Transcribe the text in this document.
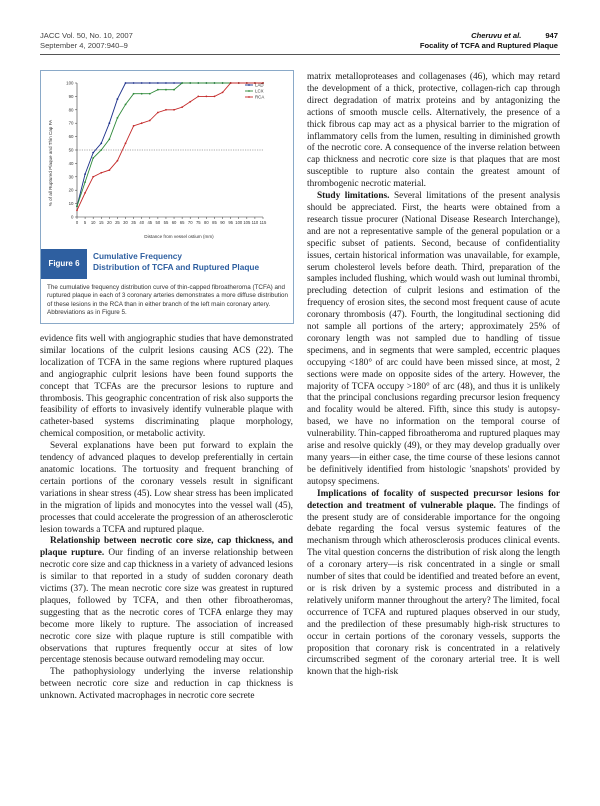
JACC Vol. 50, No. 10, 2007
September 4, 2007:940–9
Cheruvu et al.	947
Focality of TCFA and Ruptured Plaque
0
10
20
30
40
50
60
70
80
90
100
0 5 10 15 20 25 30 35 40 45 50 55 60 65 70 75 80 85 90 95 100 105 110 115
LAD
LCX
RCA
Distance from vessel ostium (mm)
% of all Ruptured Plaque and Thin Cap FA
Figure 6
Cumulative Frequency
Distribution of TCFA and Ruptured Plaque
The cumulative frequency distribution curve of thin-capped fibroatheroma (TCFA) and ruptured plaque in each of 3 coronary arteries demonstrates a more diffuse distribution of these lesions in the RCA than in either branch of the left main coronary artery. Abbreviations as in Figure 5.

evidence fits well with angiographic studies that have demonstrated similar locations of the culprit lesions causing ACS (22). The localization of TCFA in the same regions where ruptured plaques and angiographic culprit lesions have been found supports the concept that TCFAs are the precursor lesions to rupture and thrombosis. This geographic concentration of risk also supports the feasibility of efforts to invasively identify vulnerable plaque with catheter-based systems discriminating plaque morphology, chemical composition, or metabolic activity.

Several explanations have been put forward to explain the tendency of advanced plaques to develop preferentially in certain anatomic locations. The tortuosity and frequent branching of certain portions of the coronary vessels result in significant variations in shear stress (45). Low shear stress has been implicated in the migration of lipids and monocytes into the vessel wall (45), processes that could accelerate the progression of an atherosclerotic lesion towards a TCFA and ruptured plaque.

Relationship between necrotic core size, cap thickness, and plaque rupture. Our finding of an inverse relationship between necrotic core size and cap thickness in a variety of advanced lesions is similar to that reported in a study of sudden coronary death victims (37). The mean necrotic core size was greatest in ruptured plaques, followed by TCFA, and then other fibroatheromas, suggesting that as the necrotic cores of TCFA enlarge they may become more likely to rupture. The association of increased necrotic core size with plaque rupture is still compatible with observations that ruptures frequently occur at sites of low percentage stenosis because outward remodeling may occur.

The pathophysiology underlying the inverse relationship between necrotic core size and reduction in cap thickness is unknown. Activated macrophages in necrotic core secrete

matrix metalloproteases and collagenases (46), which may retard the development of a thick, protective, collagen-rich cap through direct degradation of matrix proteins and by antagonizing the actions of smooth muscle cells. Alternatively, the presence of a thick fibrous cap may act as a physical barrier to the migration of inflammatory cells from the lumen, resulting in diminished growth of the necrotic core. A consequence of the inverse relation between cap thickness and necrotic core size is that plaques that are most susceptible to rupture also contain the greatest amount of thrombogenic necrotic material.

Study limitations. Several limitations of the present analysis should be appreciated. First, the hearts were obtained from a research tissue procurer (National Disease Research Interchange), and are not a representative sample of the general population or a specific subset of patients. Second, because of confidentiality issues, certain historical information was unavailable, for example, serum cholesterol levels before death. Third, preparation of the samples included flushing, which would wash out luminal thrombi, precluding detection of culprit lesions and estimation of the frequency of erosion sites, the second most frequent cause of acute coronary thrombosis (47). Fourth, the longitudinal sectioning did not sample all portions of the artery; approximately 25% of coronary length was not sampled due to handling of tissue specimens, and in segments that were sampled, eccentric plaques occupying <180° of arc could have been missed since, at most, 2 sections were made on opposite sides of the artery. However, the majority of TCFA occupy >180° of arc (48), and thus it is unlikely that the principal conclusions regarding precursor lesion frequency and focality would be altered. Fifth, since this study is autopsy-based, we have no information on the temporal course of vulnerability. Thin-capped fibroatheroma and ruptured plaques may arise and resolve quickly (49), or they may develop gradually over many years—in either case, the time course of these lesions cannot be definitively identified from histologic 'snapshots' provided by autopsy specimens.

Implications of focality of suspected precursor lesions for detection and treatment of vulnerable plaque. The findings of the present study are of considerable importance for the ongoing debate regarding the focal versus systemic features of the mechanism through which atherosclerosis produces clinical events. The vital question concerns the distribution of risk along the length of a coronary artery—is risk concentrated in a single or small number of sites that could be identified and treated before an event, or is risk driven by a systemic process and distributed in a relatively uniform manner throughout the artery? The limited, focal occurrence of TCFA and ruptured plaques observed in our study, and the predilection of these presumably high-risk structures to occur in certain portions of the coronary vessels, supports the proposition that coronary risk is concentrated in a relatively circumscribed segment of the coronary arterial tree. It is well known that the high-risk
